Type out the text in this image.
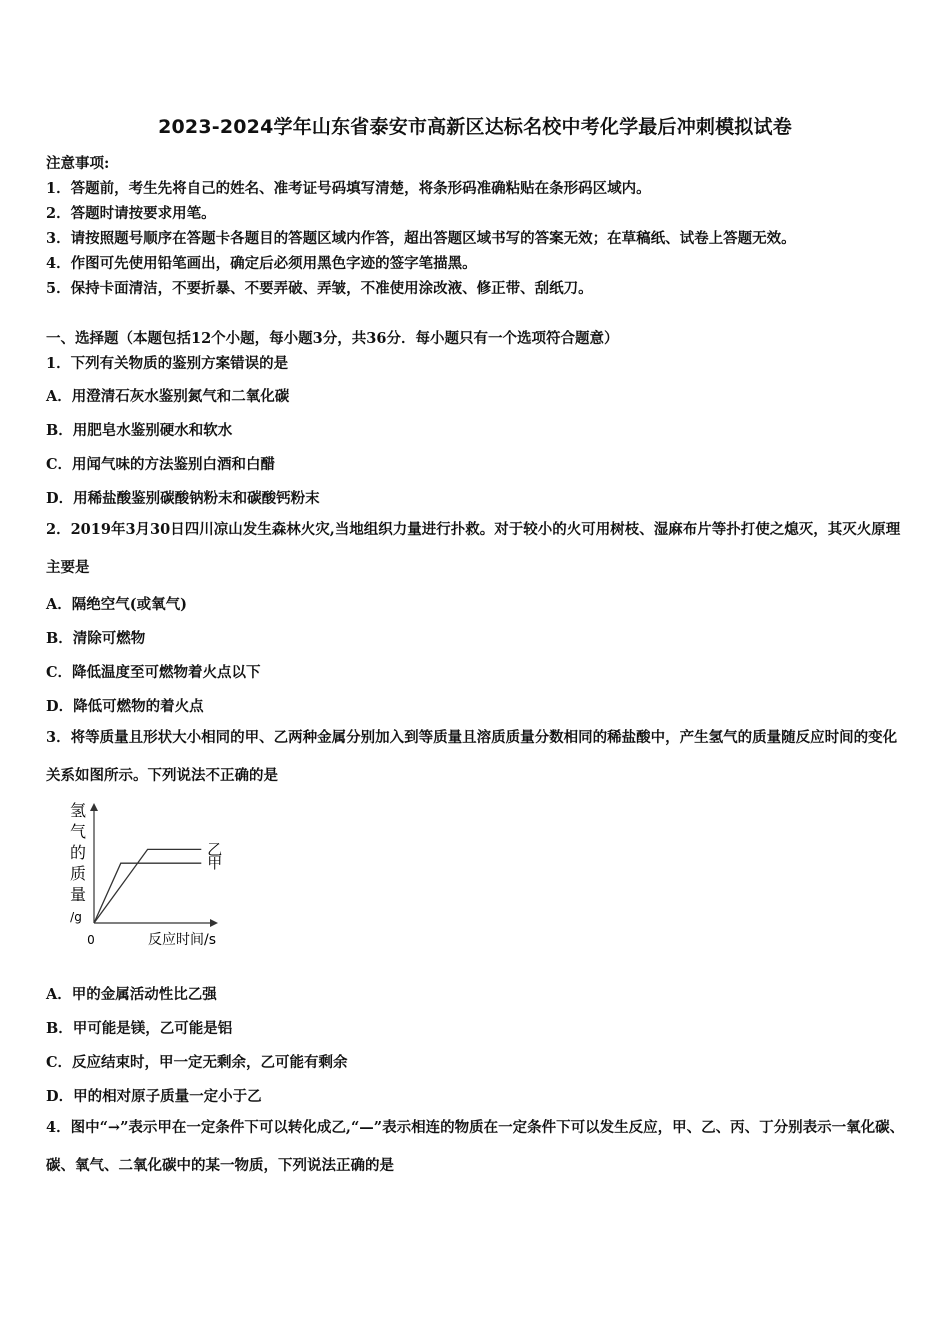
2023-2024学年山东省泰安市高新区达标名校中考化学最后冲刺模拟试卷
注意事项:
1．答题前，考生先将自己的姓名、准考证号码填写清楚，将条形码准确粘贴在条形码区域内。
2．答题时请按要求用笔。
3．请按照题号顺序在答题卡各题目的答题区域内作答，超出答题区域书写的答案无效；在草稿纸、试卷上答题无效。
4．作图可先使用铅笔画出，确定后必须用黑色字迹的签字笔描黑。
5．保持卡面清洁，不要折暴、不要弄破、弄皱，不准使用涂改液、修正带、刮纸刀。
一、选择题（本题包括12个小题，每小题3分，共36分．每小题只有一个选项符合题意）
1．下列有关物质的鉴别方案错误的是
A．用澄清石灰水鉴别氮气和二氧化碳
B．用肥皂水鉴别硬水和软水
C．用闻气味的方法鉴别白酒和白醋
D．用稀盐酸鉴别碳酸钠粉末和碳酸钙粉末
2．2019年3月30日四川凉山发生森林火灾,当地组织力量进行扑救。对于较小的火可用树枝、湿麻布片等扑打使之熄灭，其灭火原理主要是
A．隔绝空气(或氧气)
B．清除可燃物
C．降低温度至可燃物着火点以下
D．降低可燃物的着火点
3．将等质量且形状大小相同的甲、乙两种金属分别加入到等质量且溶质质量分数相同的稀盐酸中，产生氢气的质量随反应时间的变化关系如图所示。下列说法不正确的是
氢
气
的
质
量
/g
乙
甲
0	反应时间/s
A．甲的金属活动性比乙强
B．甲可能是镁，乙可能是铝
C．反应结束时，甲一定无剩余，乙可能有剩余
D．甲的相对原子质量一定小于乙
4．图中“→”表示甲在一定条件下可以转化成乙,“—”表示相连的物质在一定条件下可以发生反应，甲、乙、丙、丁分别表示一氧化碳、碳、氧气、二氧化碳中的某一物质，下列说法正确的是
